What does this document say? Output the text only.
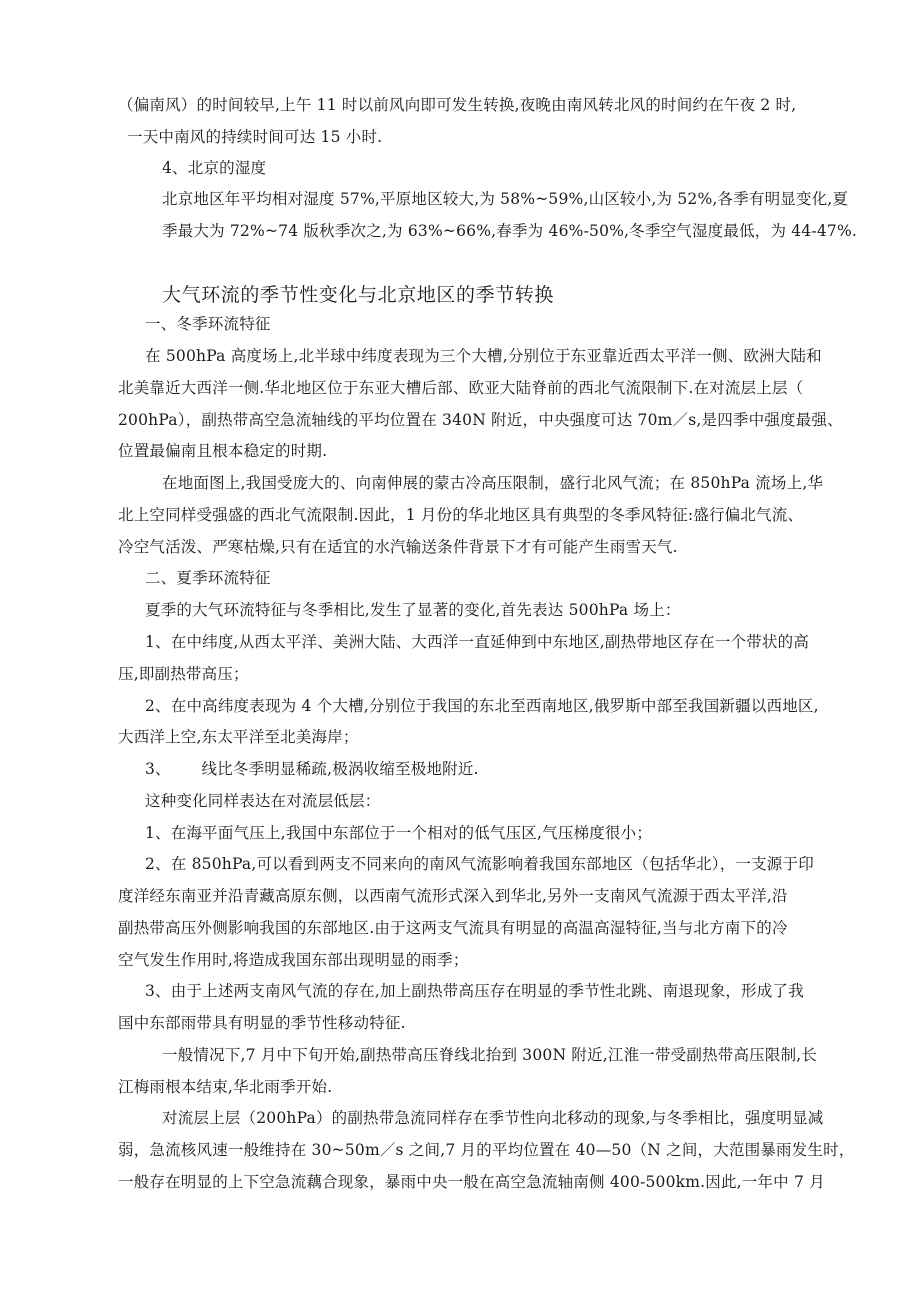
（偏南风）的时间较早,上午 11 时以前风向即可发生转换,夜晚由南风转北风的时间约在午夜 2 时,
一天中南风的持续时间可达 15 小时.
4、北京的湿度
北京地区年平均相对湿度 57%,平原地区较大,为 58%~59%,山区较小,为 52%,各季有明显变化,夏
季最大为 72%~74 版秋季次之,为 63%~66%,春季为 46%-50%,冬季空气湿度最低，为 44-47%.
大气环流的季节性变化与北京地区的季节转换
一、冬季环流特征
在 500hPa 高度场上,北半球中纬度表现为三个大槽,分别位于东亚靠近西太平洋一侧、欧洲大陆和
北美靠近大西洋一侧.华北地区位于东亚大槽后部、欧亚大陆脊前的西北气流限制下.在对流层上层（
200hPa），副热带高空急流轴线的平均位置在 340N 附近，中央强度可达 70m／s,是四季中强度最强、
位置最偏南且根本稳定的时期.
在地面图上,我国受庞大的、向南伸展的蒙古冷高压限制，盛行北风气流；在 850hPa 流场上,华
北上空同样受强盛的西北气流限制.因此，1 月份的华北地区具有典型的冬季风特征:盛行偏北气流、
冷空气活泼、严寒枯燥,只有在适宜的水汽输送条件背景下才有可能产生雨雪天气.
二、夏季环流特征
夏季的大气环流特征与冬季相比,发生了显著的变化,首先表达 500hPa 场上：
1、在中纬度,从西太平洋、美洲大陆、大西洋一直延伸到中东地区,副热带地区存在一个带状的高
压,即副热带高压；
2、在中高纬度表现为 4 个大槽,分别位于我国的东北至西南地区,俄罗斯中部至我国新疆以西地区,
大西洋上空,东太平洋至北美海岸；
3、      线比冬季明显稀疏,极涡收缩至极地附近.
这种变化同样表达在对流层低层：
1、在海平面气压上,我国中东部位于一个相对的低气压区,气压梯度很小；
2、在 850hPa,可以看到两支不同来向的南风气流影响着我国东部地区（包括华北），一支源于印
度洋经东南亚并沿青藏高原东侧，以西南气流形式深入到华北,另外一支南风气流源于西太平洋,沿
副热带高压外侧影响我国的东部地区.由于这两支气流具有明显的高温高湿特征,当与北方南下的冷
空气发生作用时,将造成我国东部出现明显的雨季；
3、由于上述两支南风气流的存在,加上副热带高压存在明显的季节性北跳、南退现象，形成了我
国中东部雨带具有明显的季节性移动特征.
一般情况下,7 月中下旬开始,副热带高压脊线北抬到 300N 附近,江淮一带受副热带高压限制,长
江梅雨根本结束,华北雨季开始.
对流层上层（200hPa）的副热带急流同样存在季节性向北移动的现象,与冬季相比，强度明显减
弱，急流核风速一般维持在 30~50m／s 之间,7 月的平均位置在 40—50（N 之间，大范围暴雨发生时，
一般存在明显的上下空急流藕合现象，暴雨中央一般在高空急流轴南侧 400-500km.因此,一年中 7 月
